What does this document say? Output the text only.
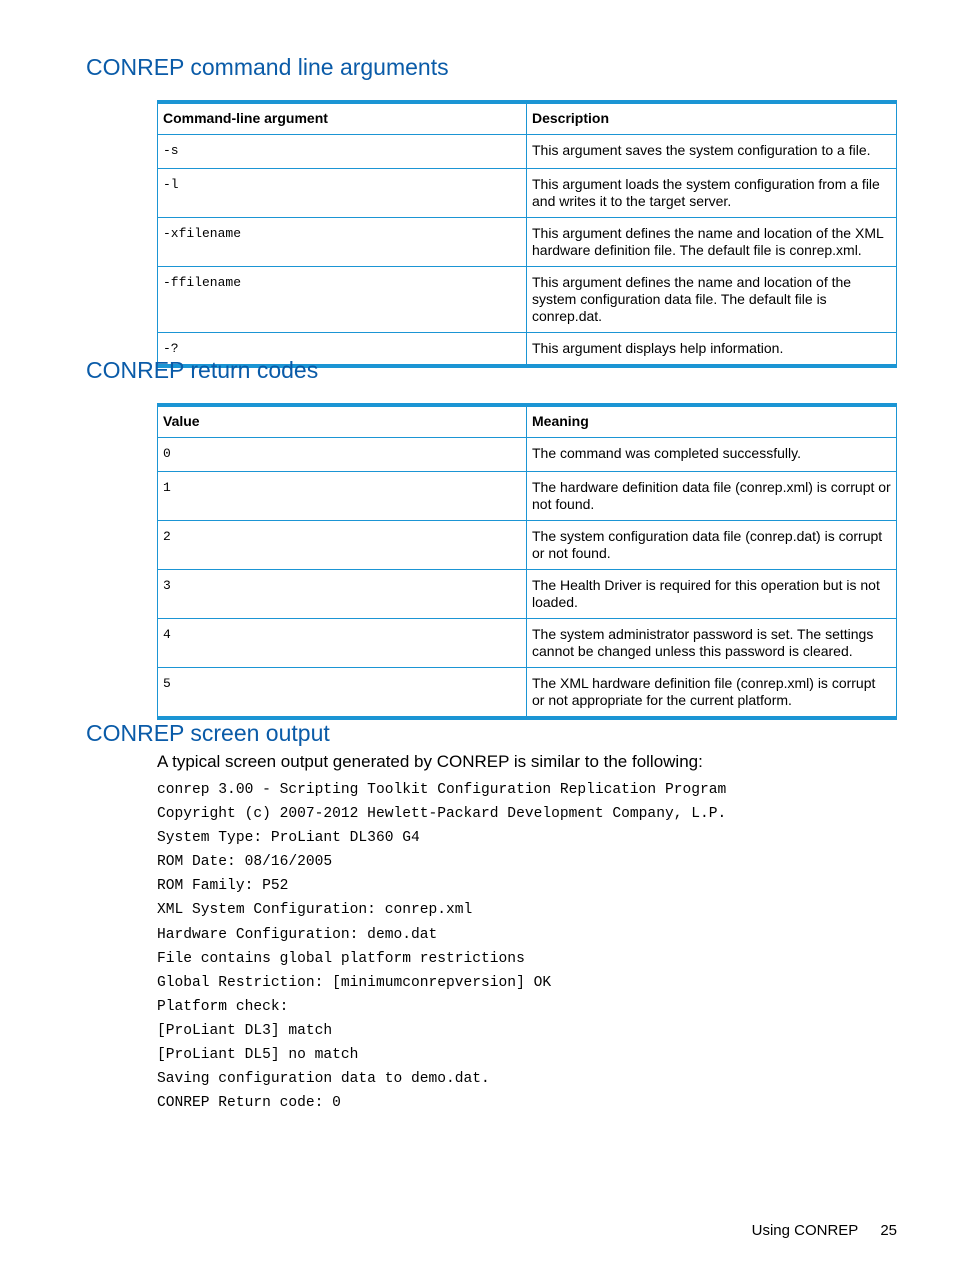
CONREP command line arguments
Command-line argument	Description
-s	This argument saves the system configuration to a file.
-l	This argument loads the system configuration from a file and writes it to the target server.
-xfilename	This argument defines the name and location of the XML hardware definition file. The default file is conrep.xml.
-ffilename	This argument defines the name and location of the system configuration data file. The default file is conrep.dat.
-?	This argument displays help information.
CONREP return codes
Value	Meaning
0	The command was completed successfully.
1	The hardware definition data file (conrep.xml) is corrupt or not found.
2	The system configuration data file (conrep.dat) is corrupt or not found.
3	The Health Driver is required for this operation but is not loaded.
4	The system administrator password is set. The settings cannot be changed unless this password is cleared.
5	The XML hardware definition file (conrep.xml) is corrupt or not appropriate for the current platform.
CONREP screen output

A typical screen output generated by CONREP is similar to the following:

conrep 3.00 - Scripting Toolkit Configuration Replication Program
Copyright (c) 2007-2012 Hewlett-Packard Development Company, L.P.
System Type: ProLiant DL360 G4
ROM Date: 08/16/2005
ROM Family: P52
XML System Configuration: conrep.xml
Hardware Configuration: demo.dat
File contains global platform restrictions
Global Restriction: [minimumconrepversion] OK
Platform check:
[ProLiant DL3] match
[ProLiant DL5] no match
Saving configuration data to demo.dat.
CONREP Return code: 0
Using CONREP 25
